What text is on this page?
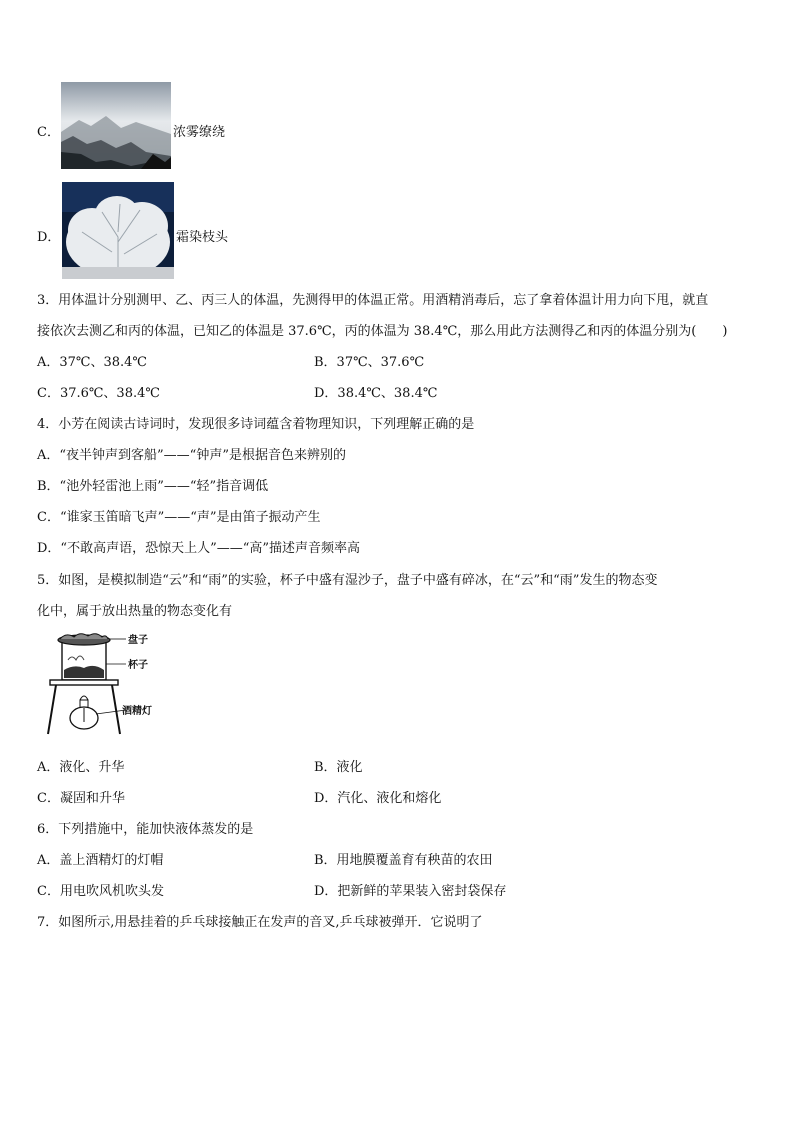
C．	浓雾缭绕
D．	霜染枝头
3．用体温计分别测甲、乙、丙三人的体温，先测得甲的体温正常。用酒精消毒后，忘了拿着体温计用力向下甩，就直
接依次去测乙和丙的体温，已知乙的体温是 37.6℃，丙的体温为 38.4℃，那么用此方法测得乙和丙的体温分别为(　　)
A．37℃、38.4℃	B．37℃、37.6℃
C．37.6℃、38.4℃	D．38.4℃、38.4℃
4．小芳在阅读古诗词时，发现很多诗词蕴含着物理知识，下列理解正确的是
A．“夜半钟声到客船”——“钟声”是根据音色来辨别的
B．“池外轻雷池上雨”——“轻”指音调低
C．“谁家玉笛暗飞声”——“声”是由笛子振动产生
D．“不敢高声语，恐惊天上人”——“高”描述声音频率高
5．如图，是模拟制造“云”和“雨”的实验，杯子中盛有湿沙子，盘子中盛有碎冰，在“云”和“雨”发生的物态变
化中，属于放出热量的物态变化有
盘子
杯子
酒精灯
A．液化、升华	B．液化
C．凝固和升华	D．汽化、液化和熔化
6．下列措施中，能加快液体蒸发的是
A．盖上酒精灯的灯帽	B．用地膜覆盖育有秧苗的农田
C．用电吹风机吹头发	D．把新鲜的苹果装入密封袋保存
7．如图所示,用悬挂着的乒乓球接触正在发声的音叉,乒乓球被弹开．它说明了
